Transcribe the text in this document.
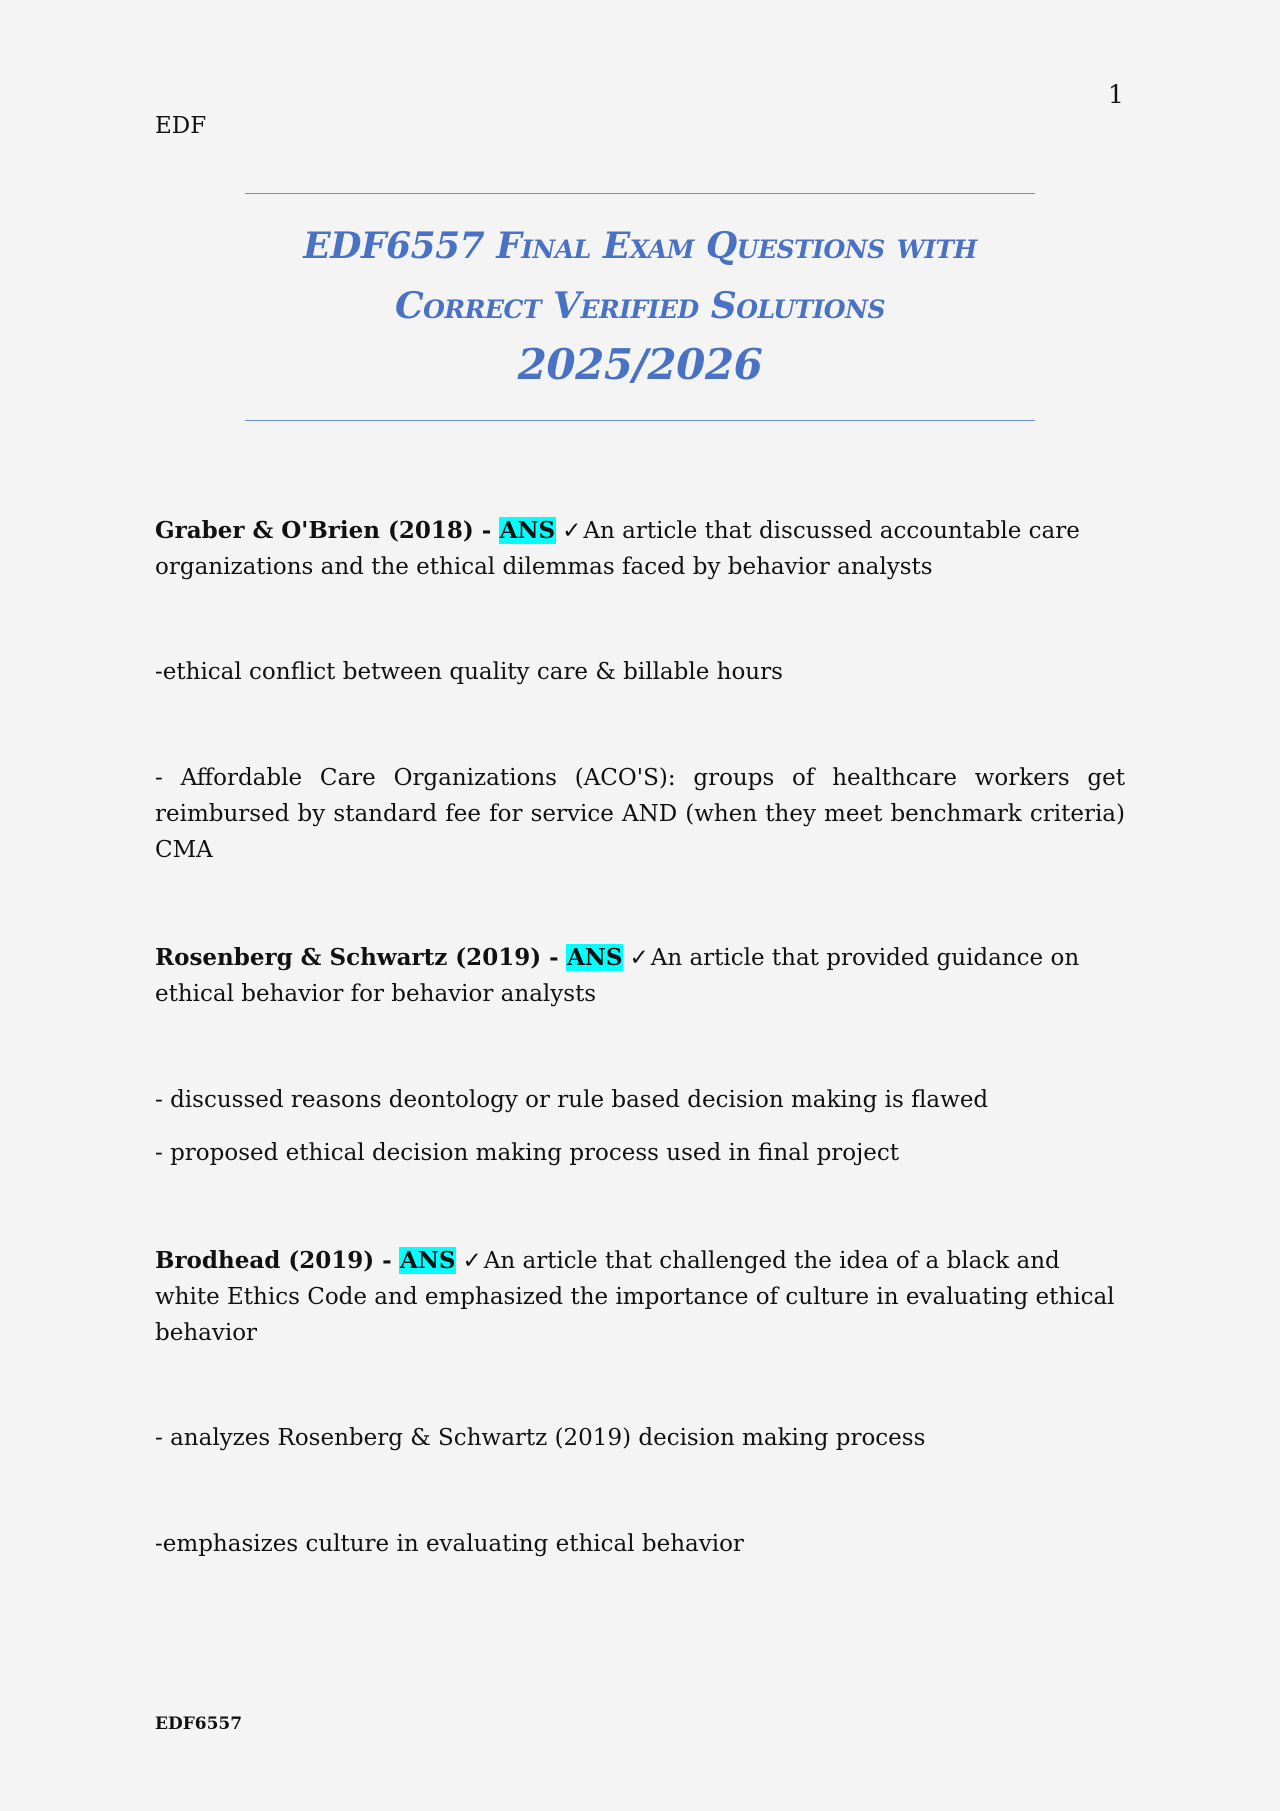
1
EDF
EDF6557 Final Exam Questions with
Correct Verified Solutions
2025/2026

Graber & O'Brien (2018) - ANS ✓An article that discussed accountable care organizations and the ethical dilemmas faced by behavior analysts

-ethical conflict between quality care & billable hours

- Affordable Care Organizations (ACO'S): groups of healthcare workers get reimbursed by standard fee for service AND (when they meet benchmark criteria) CMA

Rosenberg & Schwartz (2019) - ANS ✓An article that provided guidance on ethical behavior for behavior analysts

- discussed reasons deontology or rule based decision making is flawed

- proposed ethical decision making process used in final project

Brodhead (2019) - ANS ✓An article that challenged the idea of a black and white Ethics Code and emphasized the importance of culture in evaluating ethical behavior

- analyzes Rosenberg & Schwartz (2019) decision making process

-emphasizes culture in evaluating ethical behavior

EDF6557
